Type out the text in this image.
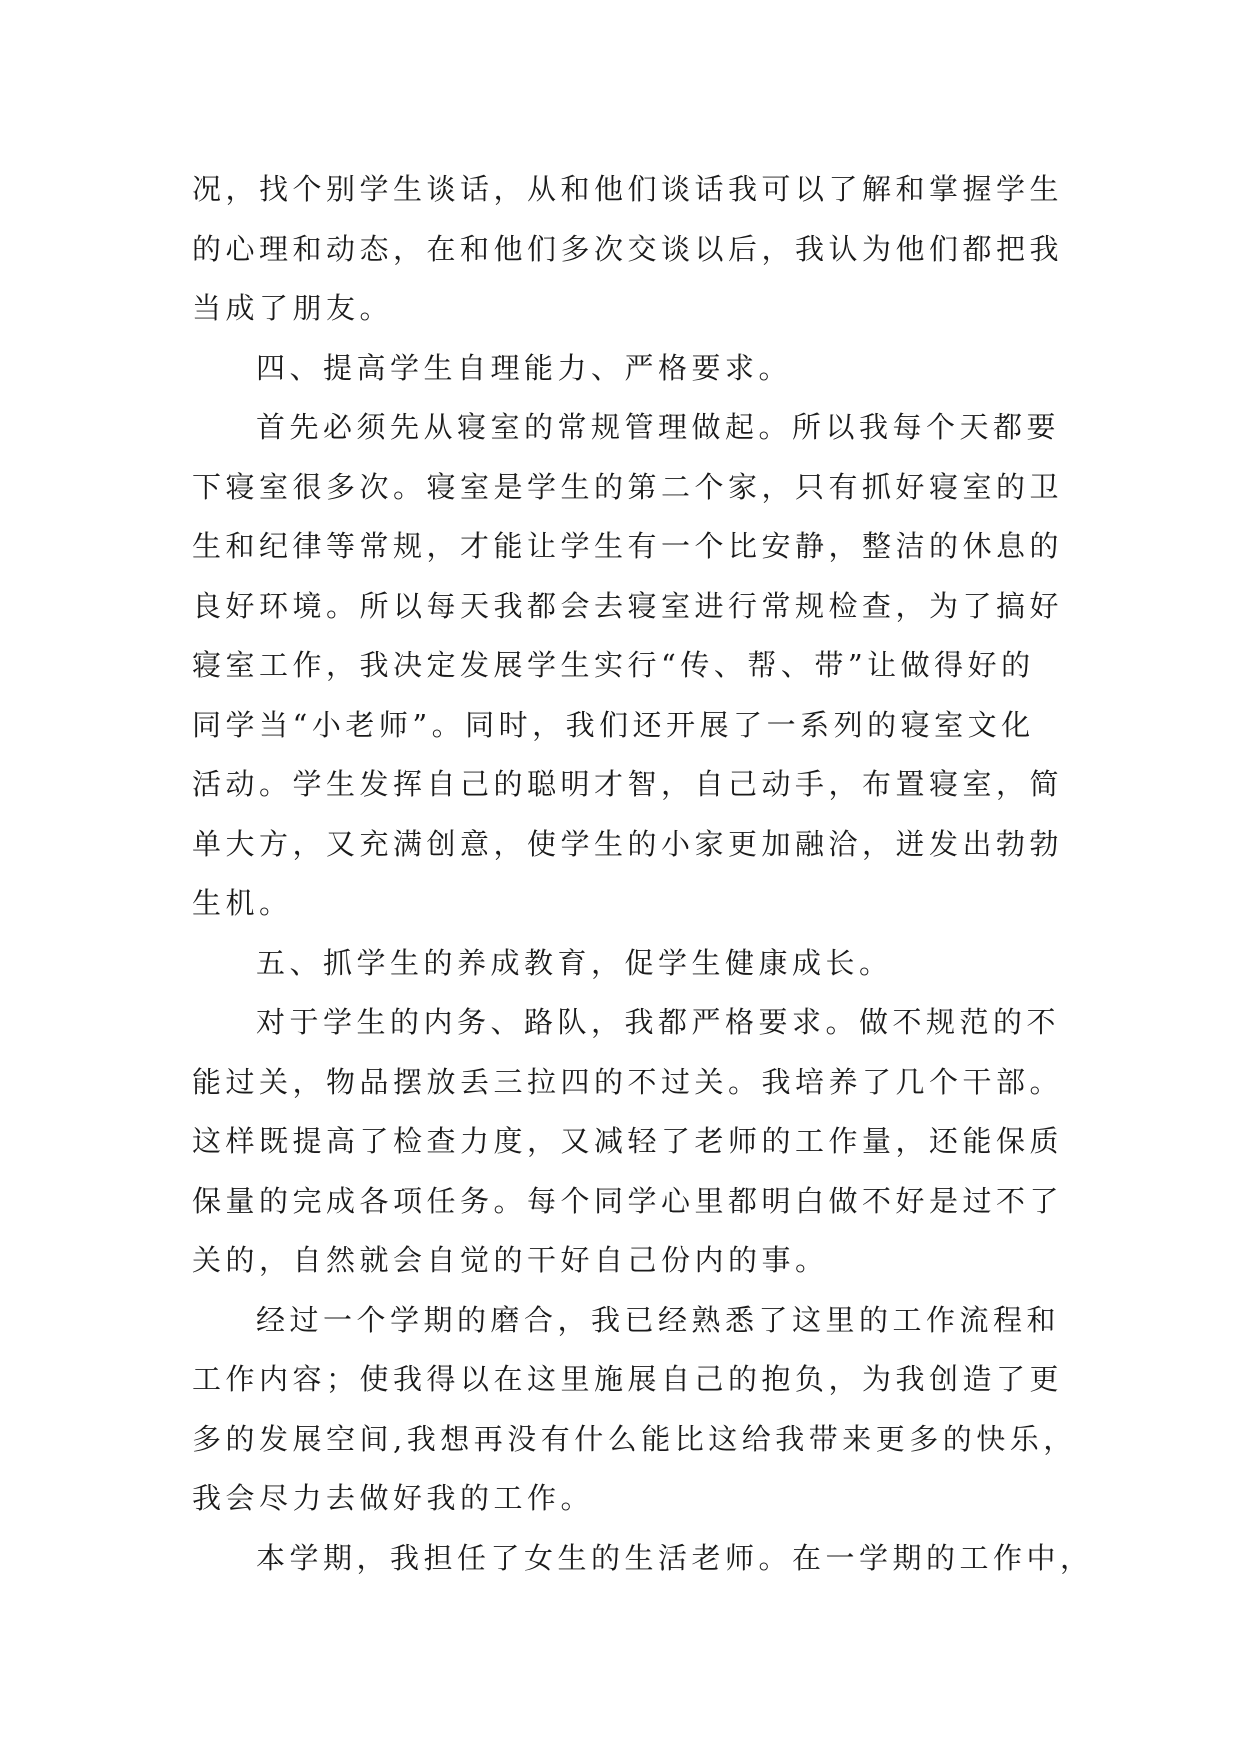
况，找个别学生谈话，从和他们谈话我可以了解和掌握学生
的心理和动态，在和他们多次交谈以后，我认为他们都把我
当成了朋友。
四、提高学生自理能力、严格要求。
首先必须先从寝室的常规管理做起。所以我每个天都要
下寝室很多次。寝室是学生的第二个家，只有抓好寝室的卫
生和纪律等常规，才能让学生有一个比安静，整洁的休息的
良好环境。所以每天我都会去寝室进行常规检查，为了搞好
寝室工作，我决定发展学生实行“传、帮、带”让做得好的
同学当“小老师”。同时，我们还开展了一系列的寝室文化
活动。学生发挥自己的聪明才智，自己动手，布置寝室，简
单大方，又充满创意，使学生的小家更加融洽，迸发出勃勃
生机。
五、抓学生的养成教育，促学生健康成长。
对于学生的内务、路队，我都严格要求。做不规范的不
能过关，物品摆放丢三拉四的不过关。我培养了几个干部。
这样既提高了检查力度，又减轻了老师的工作量，还能保质
保量的完成各项任务。每个同学心里都明白做不好是过不了
关的，自然就会自觉的干好自己份内的事。
经过一个学期的磨合，我已经熟悉了这里的工作流程和
工作内容；使我得以在这里施展自己的抱负，为我创造了更
多的发展空间,我想再没有什么能比这给我带来更多的快乐，
我会尽力去做好我的工作。
本学期，我担任了女生的生活老师。在一学期的工作中，
